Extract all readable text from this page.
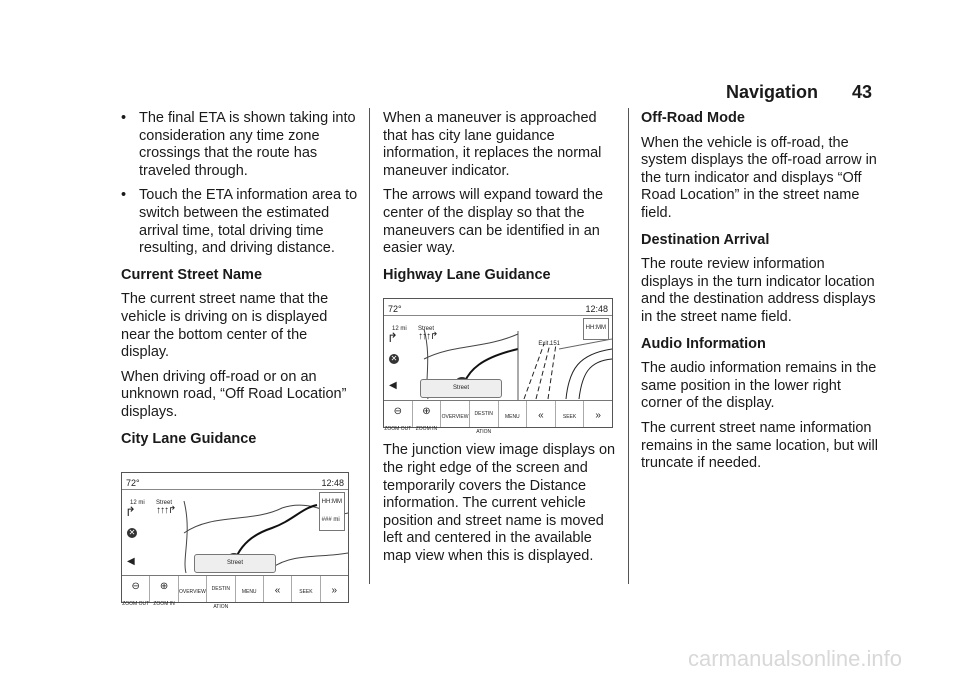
Navigation 43
• The final ETA is shown taking into consideration any time zone crossings that the route has traveled through.
• Touch the ETA information area to switch between the estimated arrival time, total driving time resulting, and driving distance.
Current Street Name

The current street name that the vehicle is driving on is displayed near the bottom center of the display.

When driving off-road or on an unknown road, “Off Road Location” displays.

City Lane Guidance
72°	12:48
12 mi Street
↱ ↑↑↑↱
HH:MM
### mi
✕
◀	Street
⊖
ZOOM OUT
⊕
ZOOM IN
OVERVIEW	DESTIN ATION
MENU	«	SEEK	»

When a maneuver is approached that has city lane guidance information, it replaces the normal maneuver indicator.

The arrows will expand toward the center of the display so that the maneuvers can be identified in an easier way.

Highway Lane Guidance
72°	12:48
12 mi Street
↱ ↑↑↑↱
HH:MM
Exit 151
✕
◀	Street
⊖
ZOOM OUT
⊕
ZOOM IN
OVERVIEW	DESTIN ATION
MENU	«	SEEK	»

The junction view image displays on the right edge of the screen and temporarily covers the Distance information. The current vehicle position and street name is moved left and centered in the available map view when this is displayed.

Off-Road Mode

When the vehicle is off-road, the system displays the off-road arrow in the turn indicator and displays “Off Road Location” in the street name field.

Destination Arrival

The route review information displays in the turn indicator location and the destination address displays in the street name field.

Audio Information

The audio information remains in the same position in the lower right corner of the display.

The current street name information remains in the same location, but will truncate if needed.

carmanualsonline.info
